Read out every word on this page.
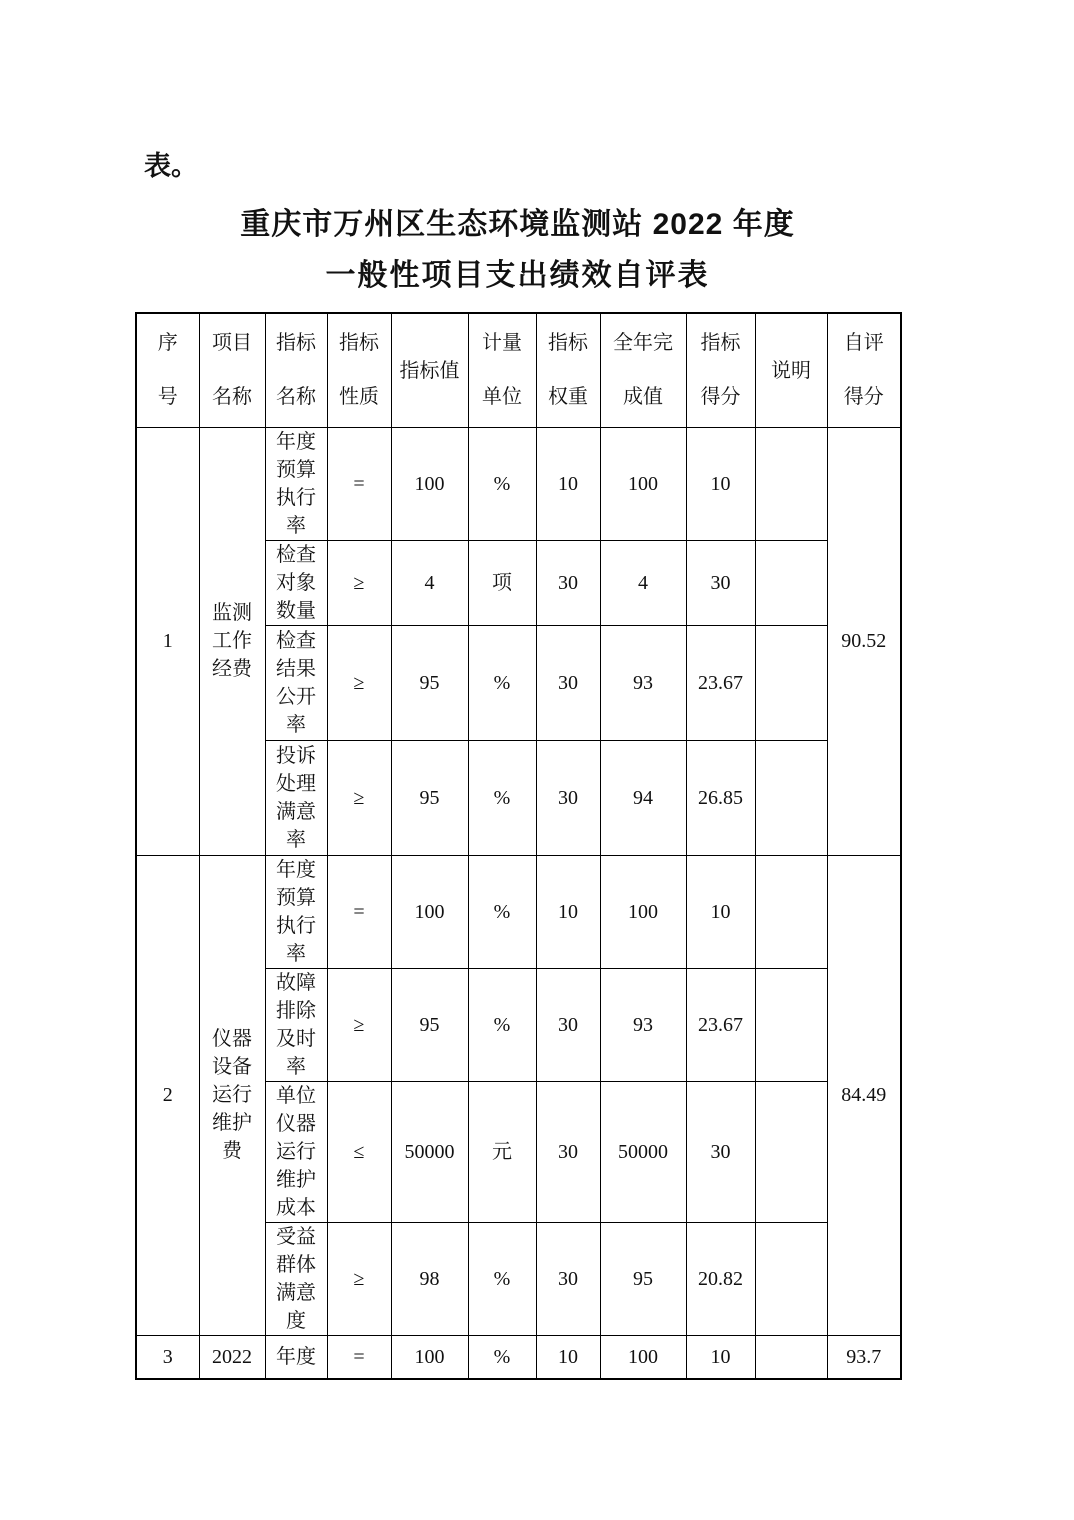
表。
重庆市万州区生态环境监测站 2022 年度
一般性项目支出绩效自评表
序号	项目名称	指标名称	指标性质	指标值	计量单位	指标权重	全年完成值	指标得分	说明	自评得分
1	监测工作经费	年度预算执行率	=	100	%	10	100	10		90.52
		检查对象数量	≥	4	项	30	4	30		
		检查结果公开率	≥	95	%	30	93	23.67		
		投诉处理满意率	≥	95	%	30	94	26.85		
2	仪器设备运行维护费	年度预算执行率	=	100	%	10	100	10		84.49
		故障排除及时率	≥	95	%	30	93	23.67		
		单位仪器运行维护成本	≤	50000	元	30	50000	30		
		受益群体满意度	≥	98	%	30	95	20.82		
3	2022	年度	=	100	%	10	100	10		93.7
